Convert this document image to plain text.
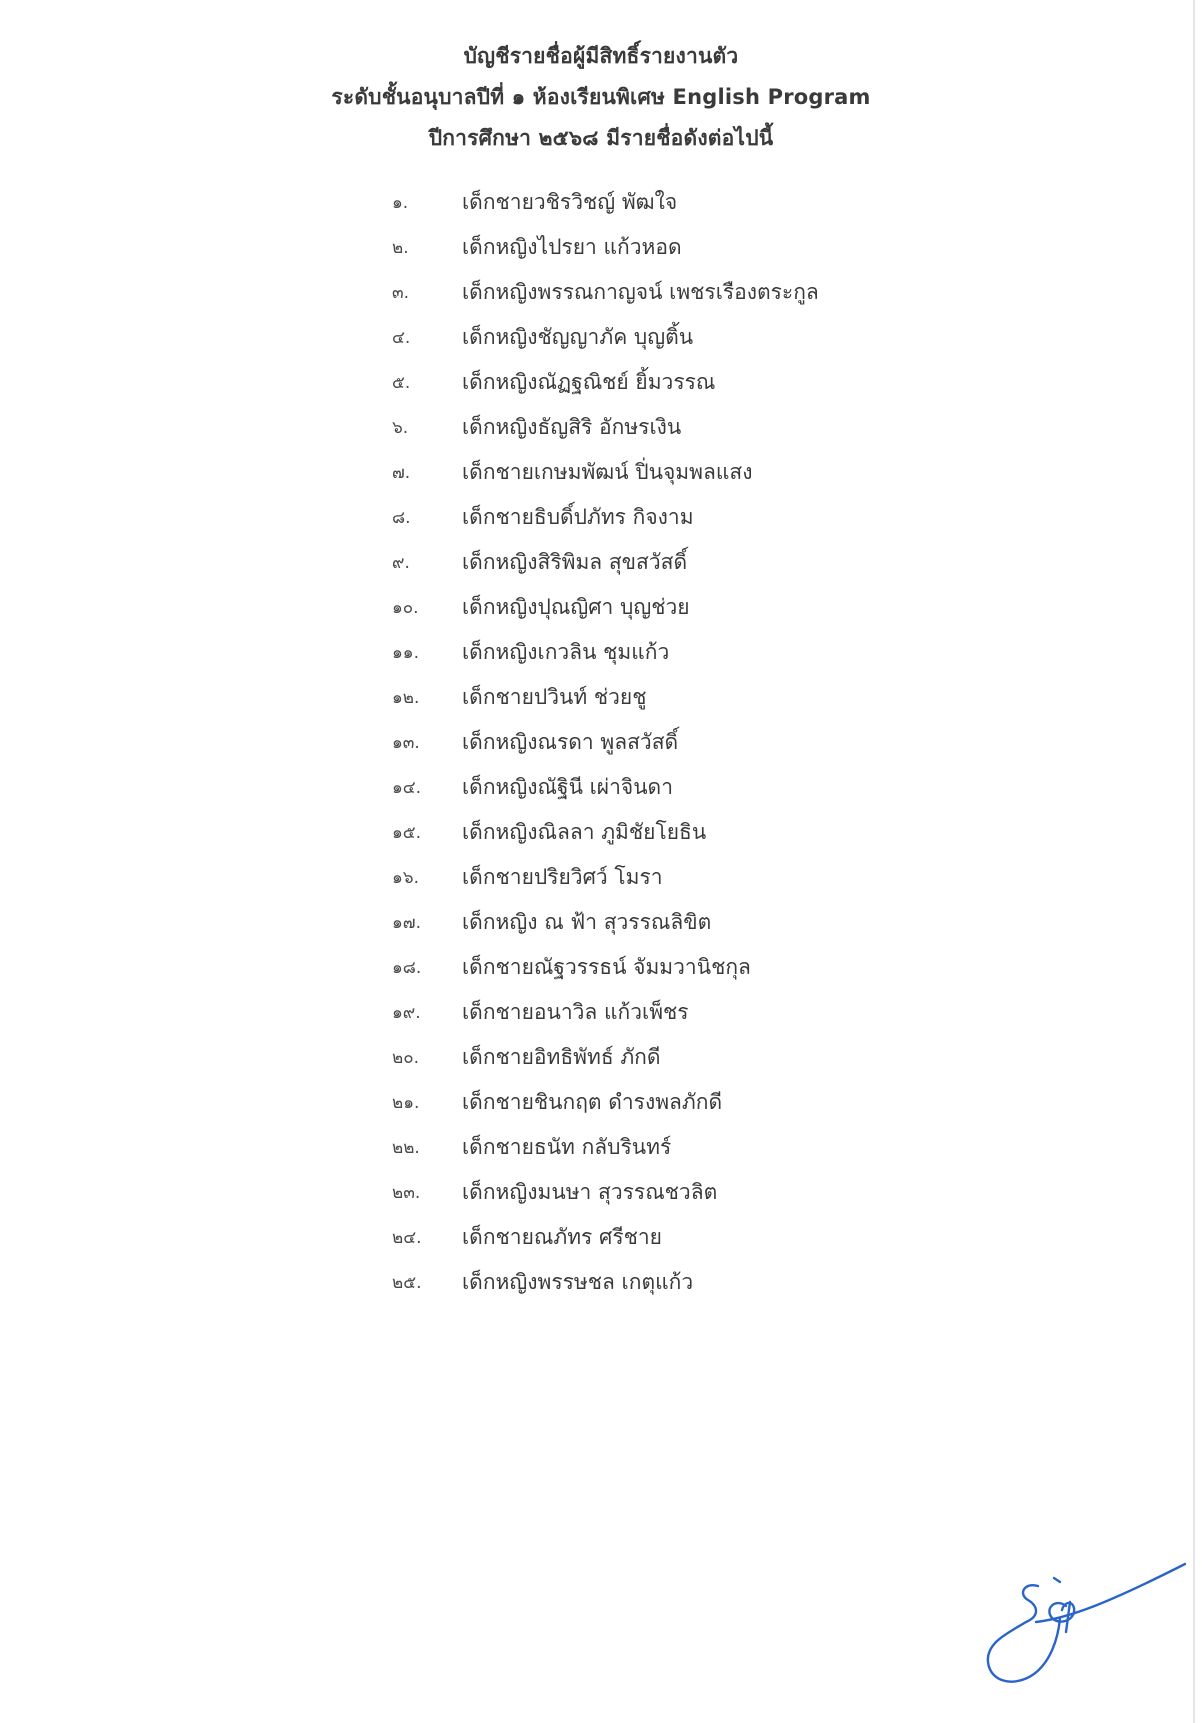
บัญชีรายชื่อผู้มีสิทธิ์รายงานตัว
ระดับชั้นอนุบาลปีที่ ๑ ห้องเรียนพิเศษ English Program
ปีการศึกษา ๒๕๖๘ มีรายชื่อดังต่อไปนี้
๑.	เด็กชายวชิรวิชญ์ พัฒใจ
๒.	เด็กหญิงไปรยา แก้วหอด
๓.	เด็กหญิงพรรณกาญจน์ เพชรเรืองตระกูล
๔.	เด็กหญิงชัญญาภัค บุญติ้น
๕.	เด็กหญิงณัฏฐณิชย์ ยิ้มวรรณ
๖.	เด็กหญิงธัญสิริ อักษรเงิน
๗.	เด็กชายเกษมพัฒน์ ปิ่นจุมพลแสง
๘.	เด็กชายธิบดิ์ปภัทร กิจงาม
๙.	เด็กหญิงสิริพิมล สุขสวัสดิ์
๑๐.	เด็กหญิงปุณญิศา บุญช่วย
๑๑.	เด็กหญิงเกวลิน ชุมแก้ว
๑๒.	เด็กชายปวินท์ ช่วยชู
๑๓.	เด็กหญิงณรดา พูลสวัสดิ์
๑๔.	เด็กหญิงณัฐินี เผ่าจินดา
๑๕.	เด็กหญิงณิลลา ภูมิชัยโยธิน
๑๖.	เด็กชายปริยวิศว์ โมรา
๑๗.	เด็กหญิง ณ ฟ้า สุวรรณลิขิต
๑๘.	เด็กชายณัฐวรรธน์ จัมมวานิชกุล
๑๙.	เด็กชายอนาวิล แก้วเพ็ชร
๒๐.	เด็กชายอิทธิพัทธ์ ภักดี
๒๑.	เด็กชายชินกฤต ดำรงพลภักดี
๒๒.	เด็กชายธนัท กลับรินทร์
๒๓.	เด็กหญิงมนษา สุวรรณชวลิต
๒๔.	เด็กชายณภัทร ศรีชาย
๒๕.	เด็กหญิงพรรษชล เกตุแก้ว
